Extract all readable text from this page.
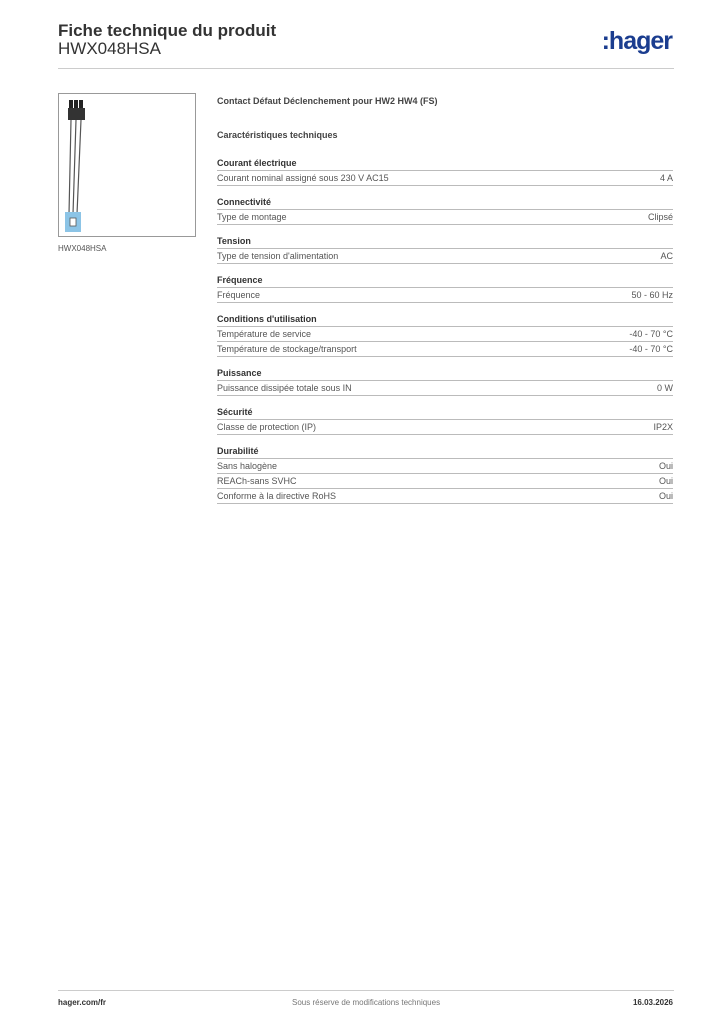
Fiche technique du produit
HWX048HSA	:hager
HWX048HSA
Contact Défaut Déclenchement pour HW2 HW4 (FS)
Caractéristiques techniques
Courant électrique
Courant nominal assigné sous 230 V AC15	4 A
Connectivité
Type de montage	Clipsé
Tension
Type de tension d'alimentation	AC
Fréquence
Fréquence	50 - 60 Hz
Conditions d'utilisation
Température de service	-40 - 70 °C
Température de stockage/transport	-40 - 70 °C
Puissance
Puissance dissipée totale sous IN	0 W
Sécurité
Classe de protection (IP)	IP2X
Durabilité
Sans halogène	Oui
REACh-sans SVHC	Oui
Conforme à la directive RoHS	Oui
hager.com/fr	Sous réserve de modifications techniques	16.03.2026
